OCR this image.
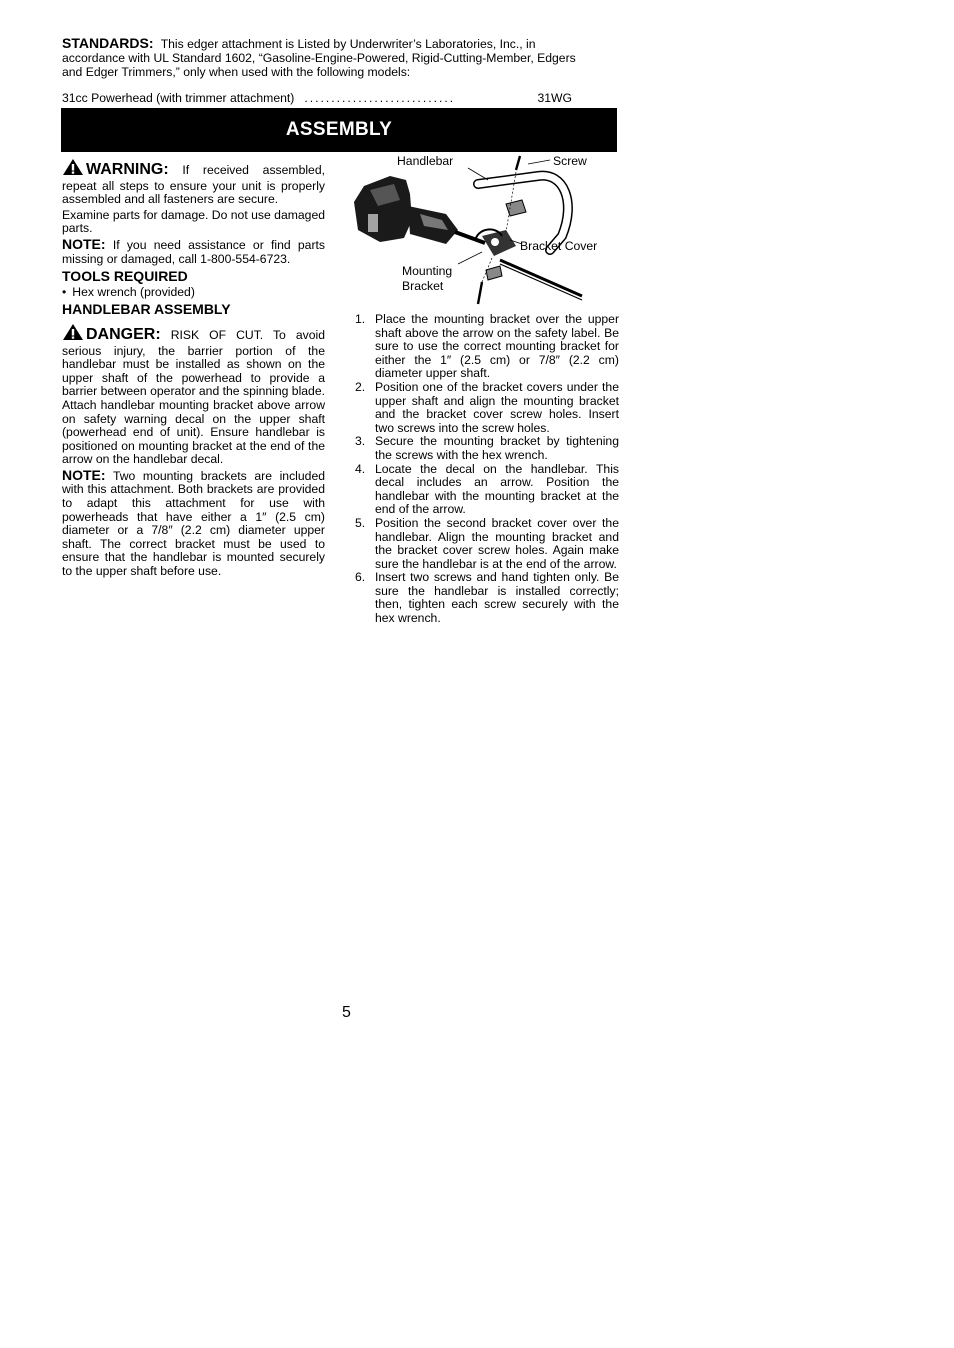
STANDARDS: This edger attachment is Listed by Underwriter’s Laboratories, Inc., in accordance with UL Standard 1602, “Gasoline-Engine-Powered, Rigid-Cutting-Member, Edgers and Edger Trimmers,” only when used with the following models:
31cc Powerhead (with trimmer attachment) ............................	31WG
ASSEMBLY

WARNING: If received assembled, repeat all steps to ensure your unit is properly assembled and all fasteners are secure.

Examine parts for damage. Do not use damaged parts.

NOTE: If you need assistance or find parts missing or damaged, call 1-800-554-6723.

TOOLS REQUIRED

• Hex wrench (provided)

HANDLEBAR ASSEMBLY

DANGER: RISK OF CUT. To avoid serious injury, the barrier portion of the handlebar must be installed as shown on the upper shaft of the powerhead to provide a barrier between operator and the spinning blade. Attach handlebar mounting bracket above arrow on safety warning decal on the upper shaft (powerhead end of unit). Ensure handlebar is positioned on mounting bracket at the end of the arrow on the handlebar decal.

NOTE: Two mounting brackets are included with this attachment. Both brackets are provided to adapt this attachment for use with powerheads that have either a 1″ (2.5 cm) diameter or a 7/8″ (2.2 cm) diameter upper shaft. The correct bracket must be used to ensure that the handlebar is mounted securely to the upper shaft before use.

Handlebar	Screw
Bracket Cover
Mounting
Bracket
1. Place the mounting bracket over the upper shaft above the arrow on the safety label. Be sure to use the correct mounting bracket for either the 1″ (2.5 cm) or 7/8″ (2.2 cm) diameter upper shaft.
2. Position one of the bracket covers under the upper shaft and align the mounting bracket and the bracket cover screw holes. Insert two screws into the screw holes.
3. Secure the mounting bracket by tightening the screws with the hex wrench.
4. Locate the decal on the handlebar. This decal includes an arrow. Position the handlebar with the mounting bracket at the end of the arrow.
5. Position the second bracket cover over the handlebar. Align the mounting bracket and the bracket cover screw holes. Again make sure the handlebar is at the end of the arrow.
6. Insert two screws and hand tighten only. Be sure the handlebar is installed correctly; then, tighten each screw securely with the hex wrench.
5
